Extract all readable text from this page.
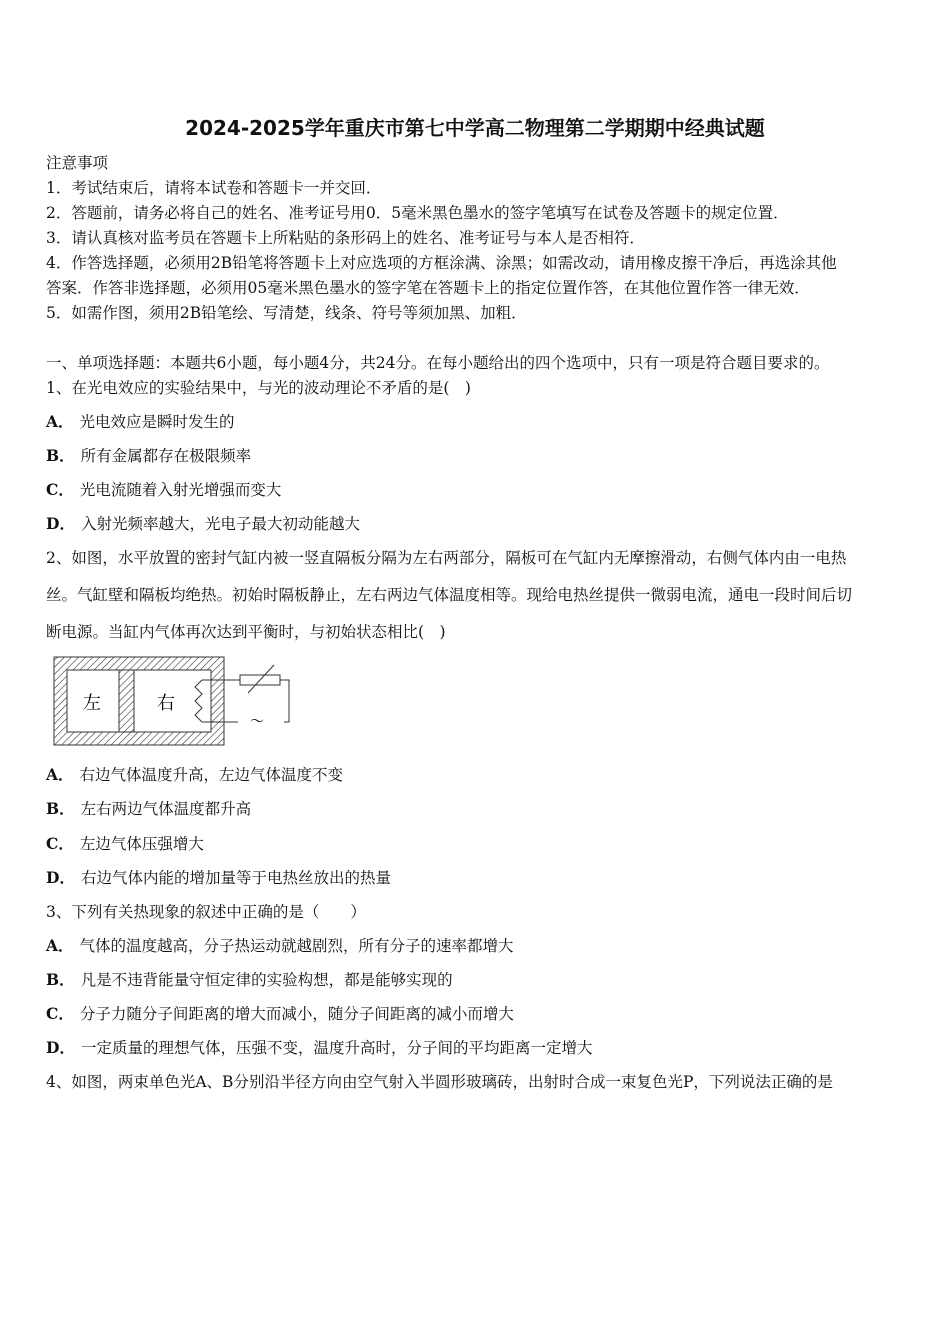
2024-2025学年重庆市第七中学高二物理第二学期期中经典试题
注意事项
1．考试结束后，请将本试卷和答题卡一并交回．
2．答题前，请务必将自己的姓名、准考证号用0．5毫米黑色墨水的签字笔填写在试卷及答题卡的规定位置．
3．请认真核对监考员在答题卡上所粘贴的条形码上的姓名、准考证号与本人是否相符．
4．作答选择题，必须用2B铅笔将答题卡上对应选项的方框涂满、涂黑；如需改动，请用橡皮擦干净后，再选涂其他
答案．作答非选择题，必须用05毫米黑色墨水的签字笔在答题卡上的指定位置作答，在其他位置作答一律无效．
5．如需作图，须用2B铅笔绘、写清楚，线条、符号等须加黑、加粗．
一、单项选择题：本题共6小题，每小题4分，共24分。在每小题给出的四个选项中，只有一项是符合题目要求的。
1、在光电效应的实验结果中，与光的波动理论不矛盾的是(　)
A． 光电效应是瞬时发生的
B． 所有金属都存在极限频率
C． 光电流随着入射光增强而变大
D． 入射光频率越大，光电子最大初动能越大
2、如图，水平放置的密封气缸内被一竖直隔板分隔为左右两部分，隔板可在气缸内无摩擦滑动，右侧气体内由一电热
丝。气缸壁和隔板均绝热。初始时隔板静止，左右两边气体温度相等。现给电热丝提供一微弱电流，通电一段时间后切
断电源。当缸内气体再次达到平衡时，与初始状态相比(　)
左	右
～
A． 右边气体温度升高，左边气体温度不变
B． 左右两边气体温度都升高
C． 左边气体压强增大
D． 右边气体内能的增加量等于电热丝放出的热量
3、下列有关热现象的叙述中正确的是（　　）
A． 气体的温度越高，分子热运动就越剧烈，所有分子的速率都增大
B． 凡是不违背能量守恒定律的实验构想，都是能够实现的
C． 分子力随分子间距离的增大而减小，随分子间距离的减小而增大
D． 一定质量的理想气体，压强不变，温度升高时，分子间的平均距离一定增大
4、如图，两束单色光A、B分别沿半径方向由空气射入半圆形玻璃砖，出射时合成一束复色光P，下列说法正确的是
